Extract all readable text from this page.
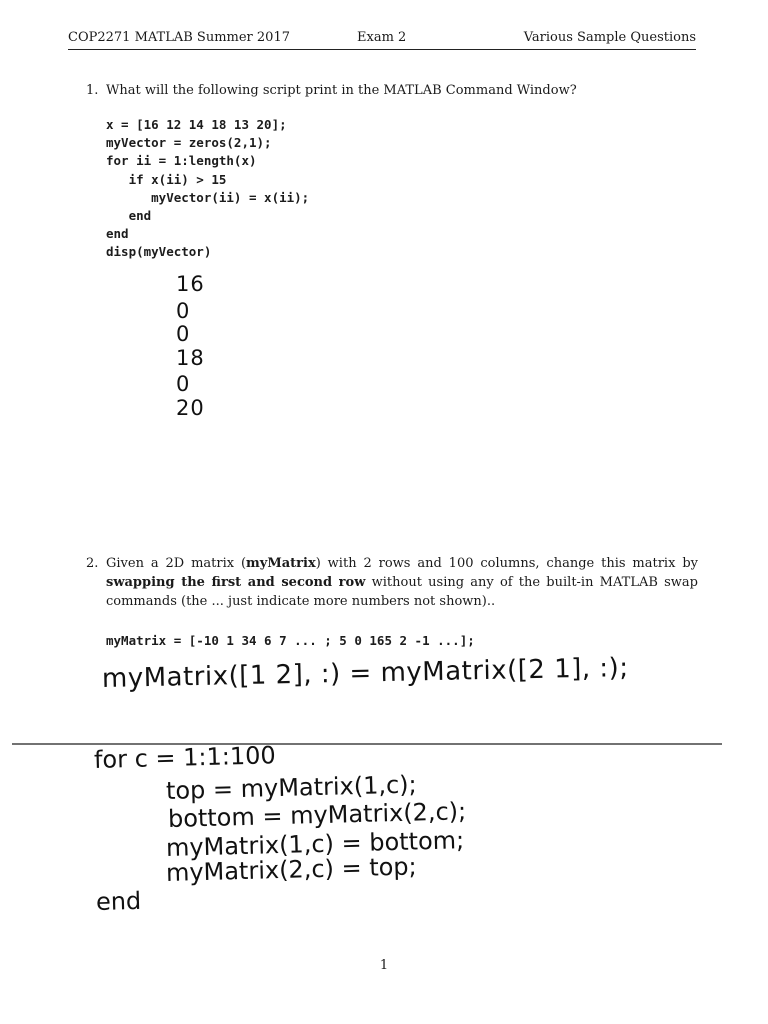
COP2271 MATLAB Summer 2017	Exam 2	Various Sample Questions
1. What will the following script print in the MATLAB Command Window?
x = [16 12 14 18 13 20];
myVector = zeros(2,1);
for ii = 1:length(x)
if x(ii) > 15
myVector(ii) = x(ii);
end
end
disp(myVector)
16
0
0
18
0
20
2. Given a 2D matrix (myMatrix) with 2 rows and 100 columns, change this matrix by swapping the first and second row without using any of the built-in MATLAB swap commands (the ... just indicate more numbers not shown)..
myMatrix = [-10 1 34 6 7 ... ; 5 0 165 2 -1 ...];
myMatrix([1 2], :) = myMatrix([2 1], :);
for c = 1:1:100
top = myMatrix(1,c);
bottom = myMatrix(2,c);
myMatrix(1,c) = bottom;
myMatrix(2,c) = top;
end
1
